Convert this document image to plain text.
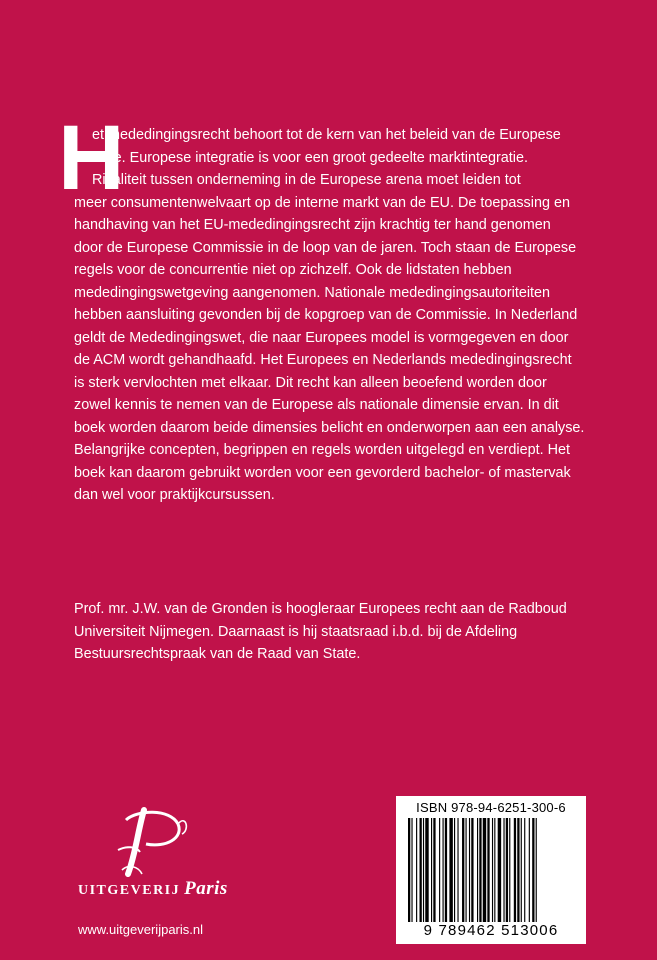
H
et mededingingsrecht behoort tot de kern van het beleid van de Europese
Unie. Europese integratie is voor een groot gedeelte marktintegratie.
Rivaliteit tussen onderneming in de Europese arena moet leiden tot
meer consumentenwelvaart op de interne markt van de EU. De toepassing en
handhaving van het EU-mededingingsrecht zijn krachtig ter hand genomen
door de Europese Commissie in de loop van de jaren. Toch staan de Europese
regels voor de concurrentie niet op zichzelf. Ook de lidstaten hebben
mededingingswetgeving aangenomen. Nationale mededingingsautoriteiten
hebben aansluiting gevonden bij de kopgroep van de Commissie. In Nederland
geldt de Mededingingswet, die naar Europees model is vormgegeven en door
de ACM wordt gehandhaafd. Het Europees en Nederlands mededingingsrecht
is sterk vervlochten met elkaar. Dit recht kan alleen beoefend worden door
zowel kennis te nemen van de Europese als nationale dimensie ervan. In dit
boek worden daarom beide dimensies belicht en onderworpen aan een analyse.
Belangrijke concepten, begrippen en regels worden uitgelegd en verdiept. Het
boek kan daarom gebruikt worden voor een gevorderd bachelor- of mastervak
dan wel voor praktijkcursussen.
Prof. mr. J.W. van de Gronden is hoogleraar Europees recht aan de Radboud
Universiteit Nijmegen. Daarnaast is hij staatsraad i.b.d. bij de Afdeling
Bestuursrechtspraak van de Raad van State.
UITGEVERIJ Paris
www.uitgeverijparis.nl
ISBN 978-94-6251-300-6
9 789462 513006
